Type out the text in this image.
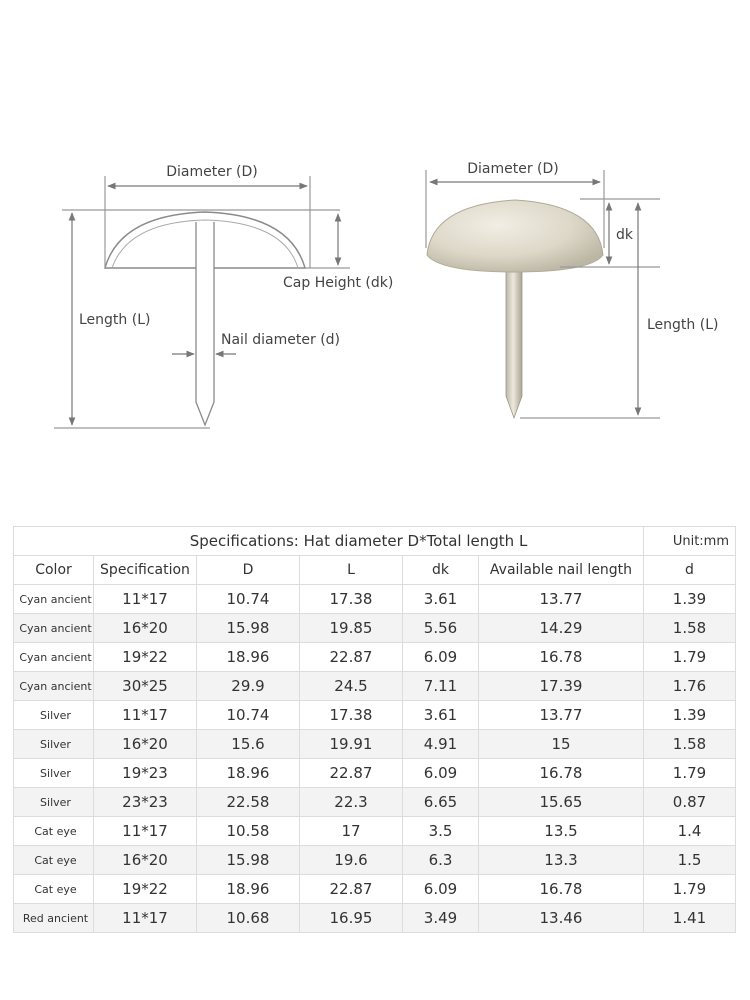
Diameter (D)
Cap Height (dk)
Length (L)
Nail diameter (d)
Diameter (D)
dk
Length (L)
Specifications: Hat diameter D*Total length L						Unit:mm
Color	Specification	D	L	dk	Available nail length	d
Cyan ancient	11*17	10.74	17.38	3.61	13.77	1.39
Cyan ancient	16*20	15.98	19.85	5.56	14.29	1.58
Cyan ancient	19*22	18.96	22.87	6.09	16.78	1.79
Cyan ancient	30*25	29.9	24.5	7.11	17.39	1.76
Silver	11*17	10.74	17.38	3.61	13.77	1.39
Silver	16*20	15.6	19.91	4.91	15	1.58
Silver	19*23	18.96	22.87	6.09	16.78	1.79
Silver	23*23	22.58	22.3	6.65	15.65	0.87
Cat eye	11*17	10.58	17	3.5	13.5	1.4
Cat eye	16*20	15.98	19.6	6.3	13.3	1.5
Cat eye	19*22	18.96	22.87	6.09	16.78	1.79
Red ancient	11*17	10.68	16.95	3.49	13.46	1.41
